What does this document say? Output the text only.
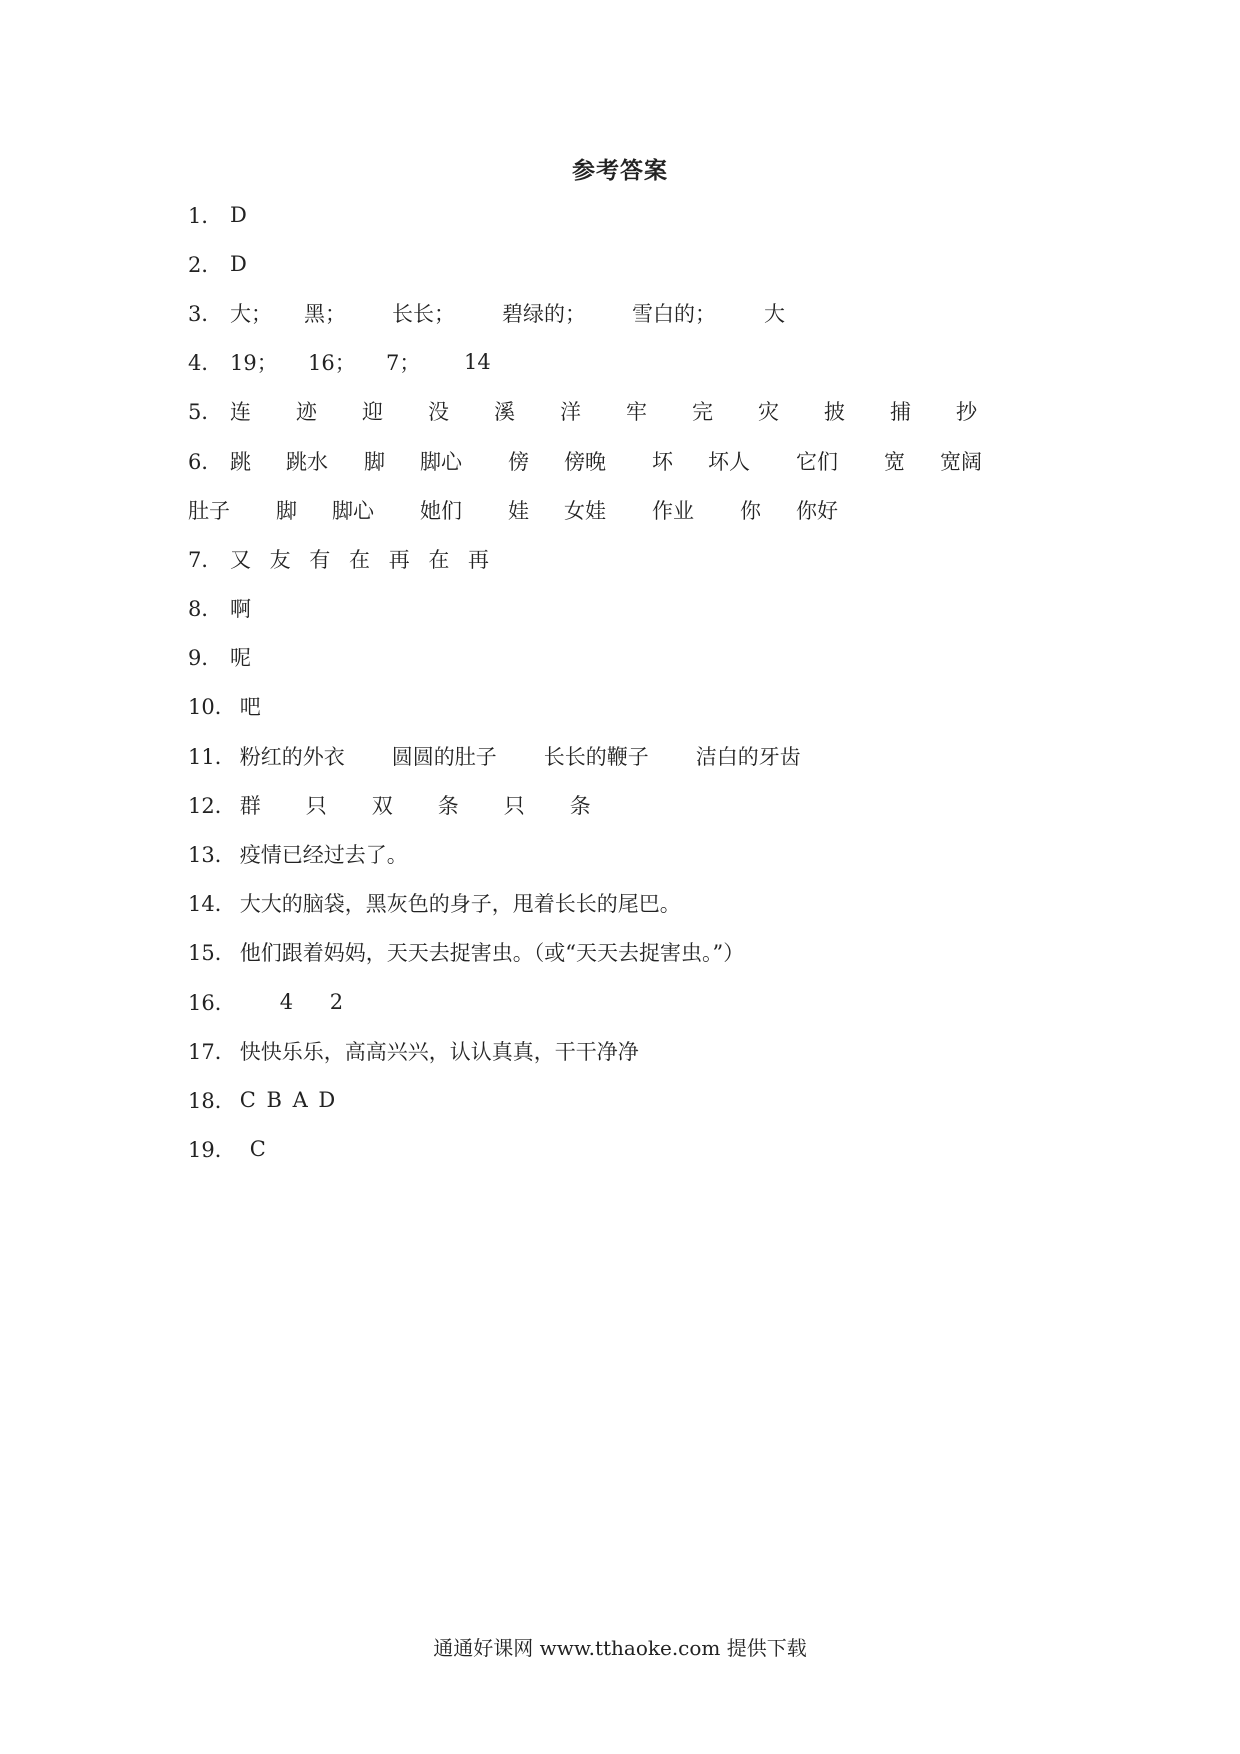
参考答案
1． D
2． D
3． 大；	黑；	长长；	碧绿的；	雪白的；	大
4． 19；	16；	7；	14
5． 连	迹	迎	没	溪	洋	牢	完	灾	披	捕	抄
6． 跳	跳水	脚	脚心	傍	傍晚	坏	坏人	它们	宽	宽阔
肚子	脚	脚心	她们	娃	女娃	作业	你	你好
7． 又 友 有 在 再 在 再
8． 啊
9． 呢
10． 吧
11． 粉红的外衣	圆圆的肚子	长长的鞭子	洁白的牙齿
12． 群	只	双	条	只	条
13． 疫情已经过去了。
14． 大大的脑袋，黑灰色的身子，甩着长长的尾巴。
15． 他们跟着妈妈，天天去捉害虫。（或“天天去捉害虫。”）
16． 4	2
17． 快快乐乐，高高兴兴，认认真真，干干净净
18． C B A D
19． C
通通好课网 www.tthaoke.com 提供下载
